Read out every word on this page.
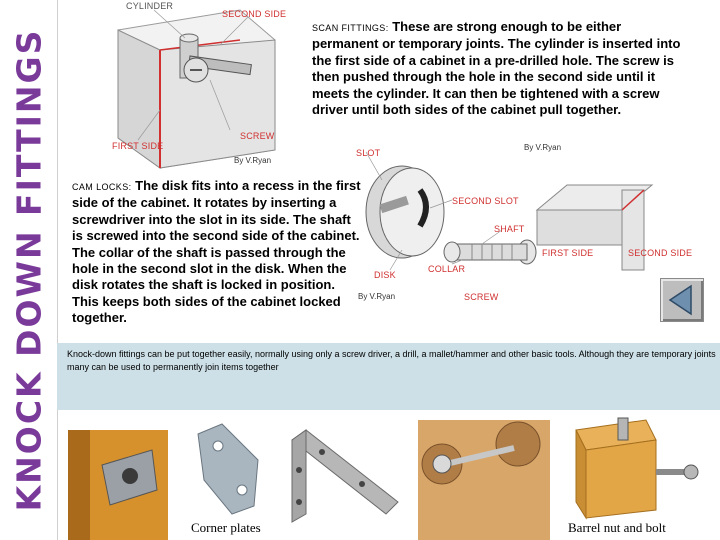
KNOCK DOWN FITTINGS
CYLINDER
SECOND SIDE
FIRST SIDE
SCREW
By V.Ryan
SCAN FITTINGS: These are strong enough to be either permanent or temporary joints. The cylinder is inserted into the first side of a cabinet in a pre-drilled hole. The screw is then pushed through the hole in the second side until it meets the cylinder. It can then be tightened with a screw driver until both sides of the cabinet pull together.
CAM LOCKS: The disk fits into a recess in the first side of the cabinet. It rotates by inserting a screwdriver into the slot in its side. The shaft is screwed into the second side of the cabinet. The collar of the shaft is passed through the hole in the second slot in the disk. When the disk rotates the shaft is locked in position. This keeps both sides of the cabinet locked together.
SLOT
By V.Ryan
SECOND SLOT
SHAFT
COLLAR
DISK
SCREW
FIRST SIDE	SECOND SIDE
By V.Ryan
Knock-down fittings can be put together easily, normally using only a screw driver, a drill, a mallet/hammer and other basic tools. Although they are temporary joints many can be used to permanently join items together
Corner plates	Barrel nut and bolt
